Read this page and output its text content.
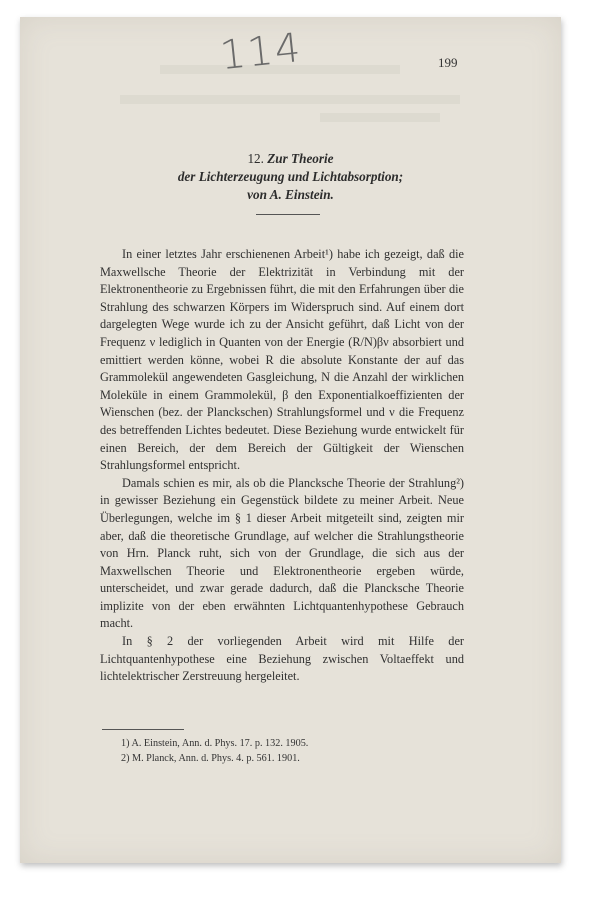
114	199
12. Zur Theorie
der Lichterzeugung und Lichtabsorption;
von A. Einstein.

In einer letztes Jahr erschienenen Arbeit¹) habe ich gezeigt, daß die Maxwellsche Theorie der Elektrizität in Verbindung mit der Elektronentheorie zu Ergebnissen führt, die mit den Erfahrungen über die Strahlung des schwarzen Körpers im Widerspruch sind. Auf einem dort dargelegten Wege wurde ich zu der Ansicht geführt, daß Licht von der Frequenz ν lediglich in Quanten von der Energie (R/N)βν absorbiert und emittiert werden könne, wobei R die absolute Konstante der auf das Grammolekül angewendeten Gasgleichung, N die Anzahl der wirklichen Moleküle in einem Grammolekül, β den Exponentialkoeffizienten der Wienschen (bez. der Planckschen) Strahlungsformel und ν die Frequenz des betreffenden Lichtes bedeutet. Diese Beziehung wurde entwickelt für einen Bereich, der dem Bereich der Gültigkeit der Wienschen Strahlungsformel entspricht.

Damals schien es mir, als ob die Plancksche Theorie der Strahlung²) in gewisser Beziehung ein Gegenstück bildete zu meiner Arbeit. Neue Überlegungen, welche im § 1 dieser Arbeit mitgeteilt sind, zeigten mir aber, daß die theoretische Grundlage, auf welcher die Strahlungstheorie von Hrn. Planck ruht, sich von der Grundlage, die sich aus der Maxwellschen Theorie und Elektronentheorie ergeben würde, unterscheidet, und zwar gerade dadurch, daß die Plancksche Theorie implizite von der eben erwähnten Lichtquantenhypothese Gebrauch macht.

In § 2 der vorliegenden Arbeit wird mit Hilfe der Lichtquantenhypothese eine Beziehung zwischen Voltaeffekt und lichtelektrischer Zerstreuung hergeleitet.

1) A. Einstein, Ann. d. Phys. 17. p. 132. 1905.
2) M. Planck, Ann. d. Phys. 4. p. 561. 1901.
